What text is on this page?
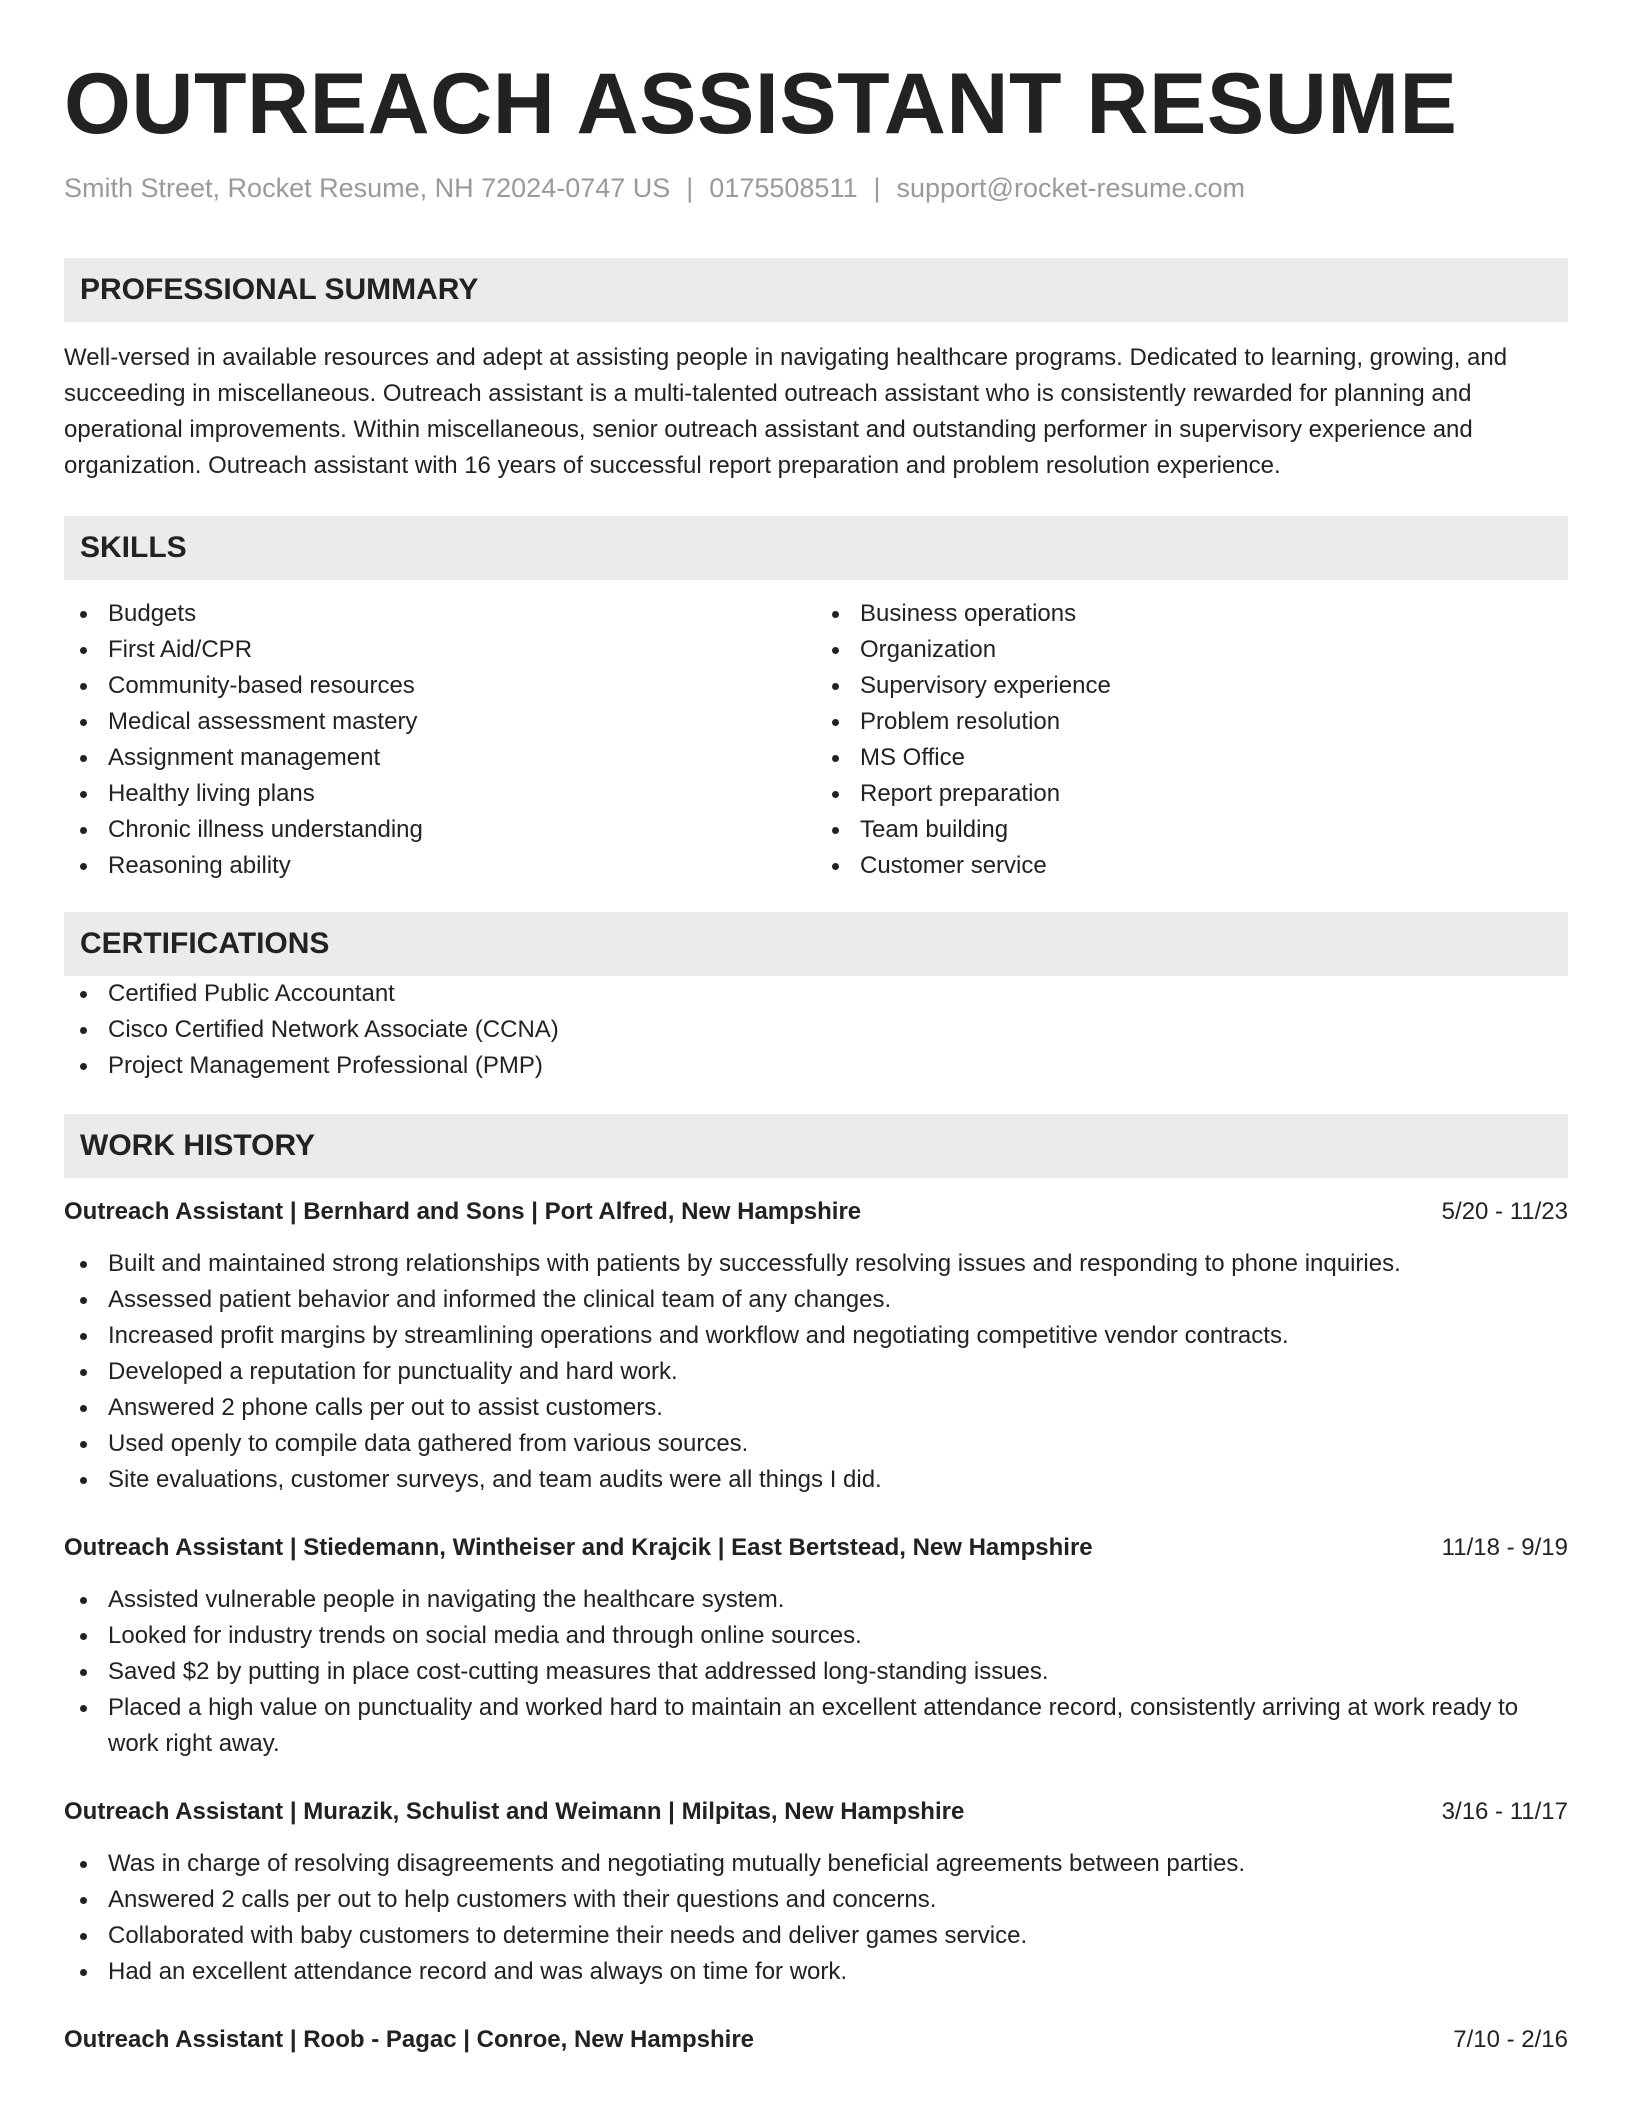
OUTREACH ASSISTANT RESUME
Smith Street, Rocket Resume, NH 72024-0747 US | 0175508511 | support@rocket-resume.com
PROFESSIONAL SUMMARY

Well-versed in available resources and adept at assisting people in navigating healthcare programs. Dedicated to learning, growing, and succeeding in miscellaneous. Outreach assistant is a multi-talented outreach assistant who is consistently rewarded for planning and operational improvements. Within miscellaneous, senior outreach assistant and outstanding performer in supervisory experience and organization. Outreach assistant with 16 years of successful report preparation and problem resolution experience.

SKILLS
Budgets
First Aid/CPR
Community-based resources
Medical assessment mastery
Assignment management
Healthy living plans
Chronic illness understanding
Reasoning ability
Business operations
Organization
Supervisory experience
Problem resolution
MS Office
Report preparation
Team building
Customer service
CERTIFICATIONS
Certified Public Accountant
Cisco Certified Network Associate (CCNA)
Project Management Professional (PMP)
WORK HISTORY
Outreach Assistant | Bernhard and Sons | Port Alfred, New Hampshire	5/20 - 11/23
Built and maintained strong relationships with patients by successfully resolving issues and responding to phone inquiries.
Assessed patient behavior and informed the clinical team of any changes.
Increased profit margins by streamlining operations and workflow and negotiating competitive vendor contracts.
Developed a reputation for punctuality and hard work.
Answered 2 phone calls per out to assist customers.
Used openly to compile data gathered from various sources.
Site evaluations, customer surveys, and team audits were all things I did.
Outreach Assistant | Stiedemann, Wintheiser and Krajcik | East Bertstead, New Hampshire	11/18 - 9/19
Assisted vulnerable people in navigating the healthcare system.
Looked for industry trends on social media and through online sources.
Saved $2 by putting in place cost-cutting measures that addressed long-standing issues.
Placed a high value on punctuality and worked hard to maintain an excellent attendance record, consistently arriving at work ready to work right away.
Outreach Assistant | Murazik, Schulist and Weimann | Milpitas, New Hampshire	3/16 - 11/17
Was in charge of resolving disagreements and negotiating mutually beneficial agreements between parties.
Answered 2 calls per out to help customers with their questions and concerns.
Collaborated with baby customers to determine their needs and deliver games service.
Had an excellent attendance record and was always on time for work.
Outreach Assistant | Roob - Pagac | Conroe, New Hampshire	7/10 - 2/16
